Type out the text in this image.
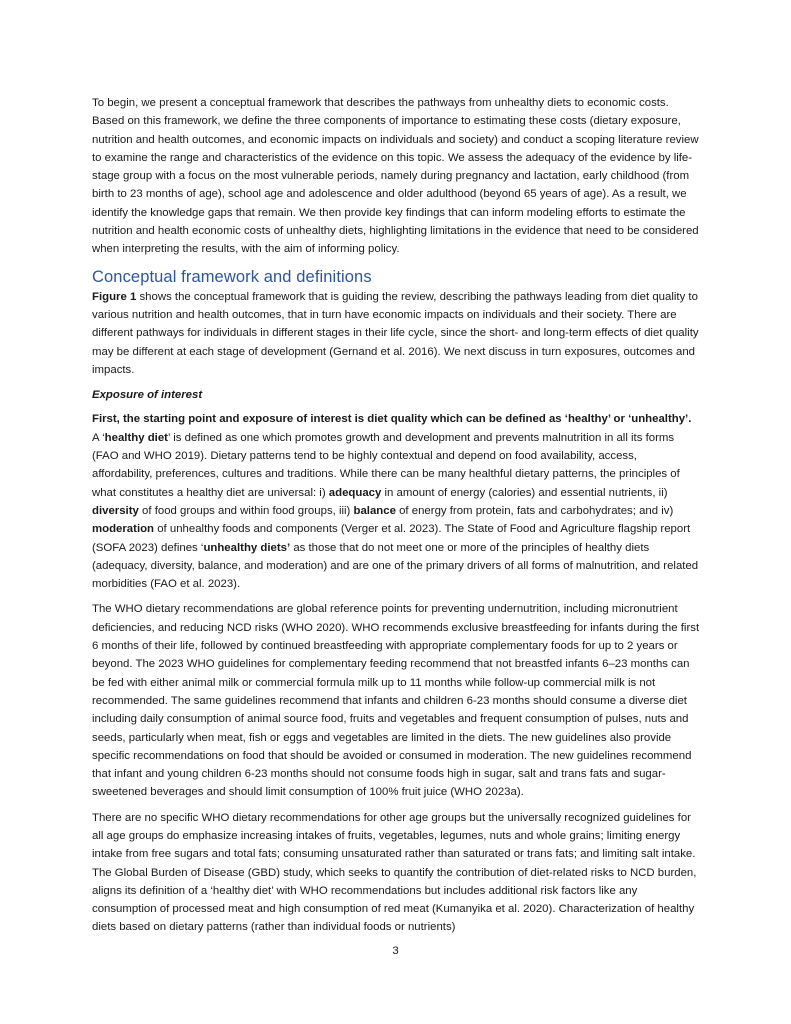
To begin, we present a conceptual framework that describes the pathways from unhealthy diets to economic costs. Based on this framework, we define the three components of importance to estimating these costs (dietary exposure, nutrition and health outcomes, and economic impacts on individuals and society) and conduct a scoping literature review to examine the range and characteristics of the evidence on this topic. We assess the adequacy of the evidence by life-stage group with a focus on the most vulnerable periods, namely during pregnancy and lactation, early childhood (from birth to 23 months of age), school age and adolescence and older adulthood (beyond 65 years of age). As a result, we identify the knowledge gaps that remain. We then provide key findings that can inform modeling efforts to estimate the nutrition and health economic costs of unhealthy diets, highlighting limitations in the evidence that need to be considered when interpreting the results, with the aim of informing policy.

Conceptual framework and definitions

Figure 1 shows the conceptual framework that is guiding the review, describing the pathways leading from diet quality to various nutrition and health outcomes, that in turn have economic impacts on individuals and their society. There are different pathways for individuals in different stages in their life cycle, since the short- and long-term effects of diet quality may be different at each stage of development (Gernand et al. 2016). We next discuss in turn exposures, outcomes and impacts.

Exposure of interest

First, the starting point and exposure of interest is diet quality which can be defined as ‘healthy’ or ‘unhealthy’. A ‘healthy diet’ is defined as one which promotes growth and development and prevents malnutrition in all its forms (FAO and WHO 2019). Dietary patterns tend to be highly contextual and depend on food availability, access, affordability, preferences, cultures and traditions. While there can be many healthful dietary patterns, the principles of what constitutes a healthy diet are universal: i) adequacy in amount of energy (calories) and essential nutrients, ii) diversity of food groups and within food groups, iii) balance of energy from protein, fats and carbohydrates; and iv) moderation of unhealthy foods and components (Verger et al. 2023). The State of Food and Agriculture flagship report (SOFA 2023) defines ‘unhealthy diets’ as those that do not meet one or more of the principles of healthy diets (adequacy, diversity, balance, and moderation) and are one of the primary drivers of all forms of malnutrition, and related morbidities (FAO et al. 2023).

The WHO dietary recommendations are global reference points for preventing undernutrition, including micronutrient deficiencies, and reducing NCD risks (WHO 2020). WHO recommends exclusive breastfeeding for infants during the first 6 months of their life, followed by continued breastfeeding with appropriate complementary foods for up to 2 years or beyond. The 2023 WHO guidelines for complementary feeding recommend that not breastfed infants 6–23 months can be fed with either animal milk or commercial formula milk up to 11 months while follow-up commercial milk is not recommended. The same guidelines recommend that infants and children 6-23 months should consume a diverse diet including daily consumption of animal source food, fruits and vegetables and frequent consumption of pulses, nuts and seeds, particularly when meat, fish or eggs and vegetables are limited in the diets. The new guidelines also provide specific recommendations on food that should be avoided or consumed in moderation. The new guidelines recommend that infant and young children 6-23 months should not consume foods high in sugar, salt and trans fats and sugar-sweetened beverages and should limit consumption of 100% fruit juice (WHO 2023a).

There are no specific WHO dietary recommendations for other age groups but the universally recognized guidelines for all age groups do emphasize increasing intakes of fruits, vegetables, legumes, nuts and whole grains; limiting energy intake from free sugars and total fats; consuming unsaturated rather than saturated or trans fats; and limiting salt intake. The Global Burden of Disease (GBD) study, which seeks to quantify the contribution of diet-related risks to NCD burden, aligns its definition of a ‘healthy diet’ with WHO recommendations but includes additional risk factors like any consumption of processed meat and high consumption of red meat (Kumanyika et al. 2020). Characterization of healthy diets based on dietary patterns (rather than individual foods or nutrients)

3
